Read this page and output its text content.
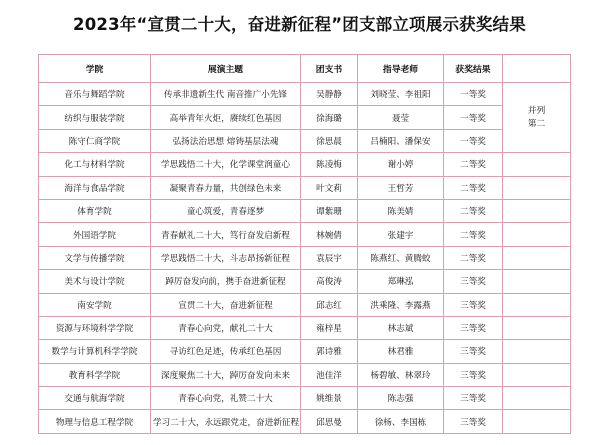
2023年“宣贯二十大，奋进新征程”团支部立项展示获奖结果
学院	展演主题	团支书	指导老师	获奖结果	
音乐与舞蹈学院	传承非遗新生代 南音推广小先锋	吴静静	刘晓莹、李祖阳	一等奖	并列第二
纺织与服装学院	高举青年火炬，赓续红色基因	徐海璐	聂莹	一等奖	
陈守仁商学院	弘扬法治思想 熔铸基层法魂	徐思晨	吕楠阳、潘保安	一等奖	
化工与材料学院	学思践悟二十大，化学课堂润童心	陈凌梅	谢小婷	二等奖	
海洋与食品学院	凝聚青春力量，共创绿色未来	叶文莉	王哲芳	二等奖	
体育学院	童心筑爱，青春逐梦	谭紫珊	陈美婧	二等奖	
外国语学院	青春献礼二十大，笃行奋发启新程	林婉倩	张建宇	二等奖	
文学与传播学院	学思践悟二十大，斗志昂扬新征程	袁辰宇	陈燕红、黄腾蛟	二等奖	
美术与设计学院	踔厉奋发向前，携手奋进新征程	高俊涛	郑琳泓	三等奖	
南安学院	宣贯二十大，奋进新征程	邱志红	洪乘隆、李露燕	三等奖	
资源与环境科学学院	青春心向党，献礼二十大	雍梓星	林志斌	三等奖	
数学与计算机科学学院	寻访红色足迹，传承红色基因	郭诗雅	林君雅	三等奖	
教育科学学院	深度聚焦二十大，踔厉奋发向未来	池佳洋	杨碧敏、林翠玲	三等奖	
交通与航海学院	青春心向党，礼赞二十大	姚维景	陈志强	三等奖	
物理与信息工程学院	学习二十大，永远跟党走，奋进新征程	邱思曼	徐杨、李国栋	三等奖	
